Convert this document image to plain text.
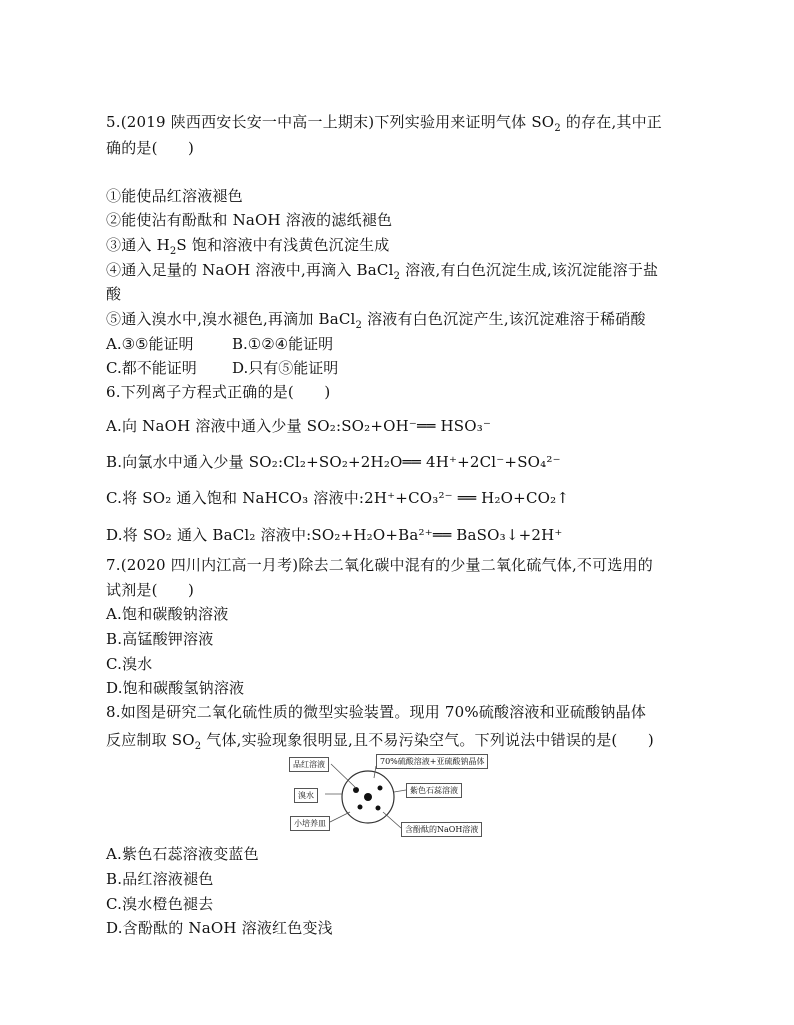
5.(2019 陕西西安长安一中高一上期末)下列实验用来证明气体 $SO_2$ 的存在,其中正
确的是(　　)
①能使品红溶液褪色
②能使沾有酚酞和 NaOH 溶液的滤纸褪色
③通入 $H_2S$ 饱和溶液中有浅黄色沉淀生成
④通入足量的 NaOH 溶液中,再滴入 BaCl$_2$ 溶液,有白色沉淀生成,该沉淀能溶于盐
酸
⑤通入溴水中,溴水褪色,再滴加 BaCl$_2$ 溶液有白色沉淀产生,该沉淀难溶于稀硝酸
A.③⑤能证明	B.①②④能证明
C.都不能证明 D.只有⑤能证明
6.下列离子方程式正确的是(　　)
A.向 NaOH 溶液中通入少量 SO₂:SO₂+OH⁻══ HSO₃⁻
B.向氯水中通入少量 SO₂:Cl₂+SO₂+2H₂O══ 4H⁺+2Cl⁻+SO₄²⁻
C.将 SO₂ 通入饱和 NaHCO₃ 溶液中:2H⁺+CO₃²⁻ ══ H₂O+CO₂↑
D.将 SO₂ 通入 BaCl₂ 溶液中:SO₂+H₂O+Ba²⁺══ BaSO₃↓+2H⁺
7.(2020 四川内江高一月考)除去二氧化碳中混有的少量二氧化硫气体,不可选用的
试剂是(　　)
A.饱和碳酸钠溶液
B.高锰酸钾溶液
C.溴水
D.饱和碳酸氢钠溶液
8.如图是研究二氧化硫性质的微型实验装置。现用 70%硫酸溶液和亚硫酸钠晶体
反应制取 $SO_2$ 气体,实验现象很明显,且不易污染空气。下列说法中错误的是(　　)
品红溶液
溴水
小培养皿
70%硫酸溶液+亚硫酸钠晶体
紫色石蕊溶液
含酚酞的NaOH溶液
A.紫色石蕊溶液变蓝色
B.品红溶液褪色
C.溴水橙色褪去
D.含酚酞的 NaOH 溶液红色变浅
